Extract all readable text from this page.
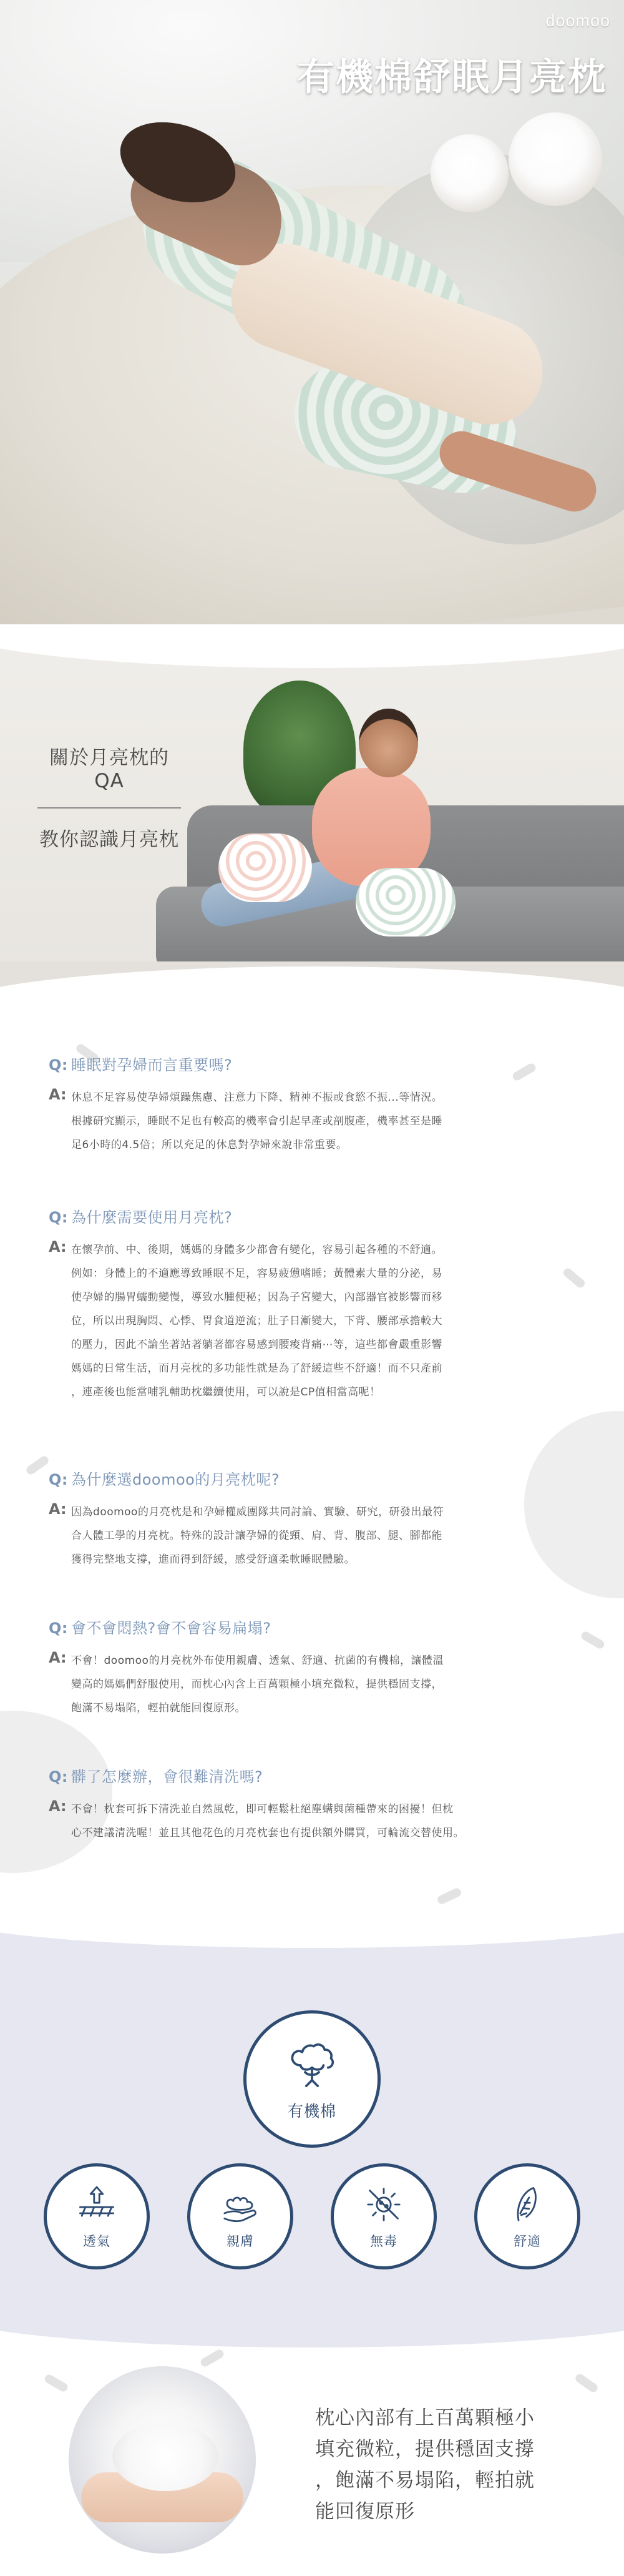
doomoo
有機棉舒眠月亮枕
關於月亮枕的QA
教你認識月亮枕
Q: 睡眠對孕婦而言重要嗎?
A: 休息不足容易使孕婦煩躁焦慮、注意力下降、精神不振或食慾不振...等情況。
根據研究顯示，睡眠不足也有較高的機率會引起早產或剖腹產，機率甚至是睡
足6小時的4.5倍；所以充足的休息對孕婦來說非常重要。
Q: 為什麼需要使用月亮枕?
A: 在懷孕前、中、後期，媽媽的身體多少都會有變化，容易引起各種的不舒適。
例如：身體上的不適應導致睡眠不足，容易疲憊嗜睡；黃體素大量的分泌，易
使孕婦的腸胃蠕動變慢，導致水腫便秘；因為子宮變大，內部器官被影響而移
位，所以出現胸悶、心悸、胃食道逆流；肚子日漸變大，下背、腰部承擔較大
的壓力，因此不論坐著站著躺著都容易感到腰痠背痛⋯等，這些都會嚴重影響
媽媽的日常生活，而月亮枕的多功能性就是為了舒緩這些不舒適！而不只產前
，連產後也能當哺乳輔助枕繼續使用，可以說是CP值相當高呢！
Q: 為什麼選doomoo的月亮枕呢?
A: 因為doomoo的月亮枕是和孕婦權威團隊共同討論、實驗、研究，研發出最符
合人體工學的月亮枕。特殊的設計讓孕婦的從頸、肩、背、腹部、腿、腳都能
獲得完整地支撐，進而得到舒緩，感受舒適柔軟睡眠體驗。
Q: 會不會悶熱?會不會容易扁塌?
A: 不會！doomoo的月亮枕外布使用親膚、透氣、舒適、抗菌的有機棉，讓體溫
變高的媽媽們舒服使用，而枕心內含上百萬顆極小填充微粒，提供穩固支撐，
飽滿不易塌陷，輕拍就能回復原形。
Q: 髒了怎麼辦，會很難清洗嗎?
A: 不會！枕套可拆下清洗並自然風乾，即可輕鬆杜絕塵螨與菌種帶來的困擾！但枕
心不建議清洗喔！並且其他花色的月亮枕套也有提供額外購買，可輪流交替使用。
有機棉
透氣	親膚	無毒	舒適
枕心內部有上百萬顆極小
填充微粒，提供穩固支撐
，飽滿不易塌陷，輕拍就
能回復原形
